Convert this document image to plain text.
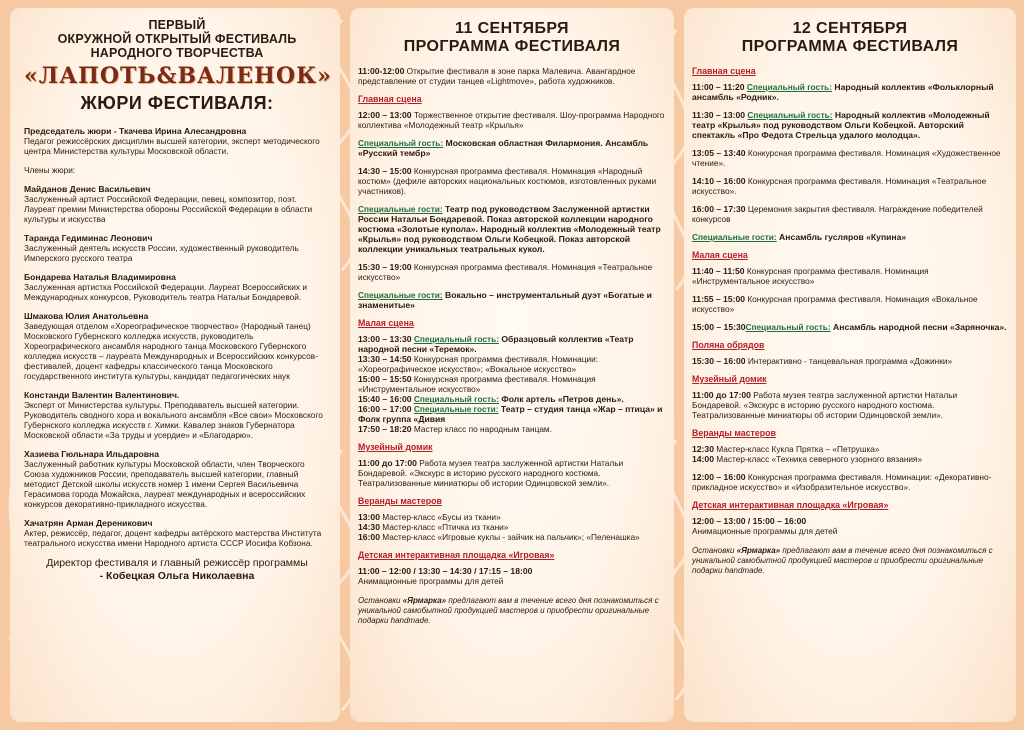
ПЕРВЫЙ
ОКРУЖНОЙ ОТКРЫТЫЙ ФЕСТИВАЛЬ
НАРОДНОГО ТВОРЧЕСТВА
«ЛАПОТЬ&ВАЛЕНОК»
ЖЮРИ ФЕСТИВАЛЯ:
Председатель жюри - Ткачева Ирина Алесандровна
Педагог режиссёрских дисциплин высшей категории, эксперт методического центра Министерства культуры Московской области.
Члены жюри:
Майданов Денис Васильевич
Заслуженный артист Российской Федерации, певец, композитор, поэт. Лауреат премии Министерства обороны Российской Федерации в области культуры и искусства
Таранда Гедиминас Леонович
Заслуженный деятель искусств России, художественный руководитель Имперского русского театра
Бондарева Наталья Владимировна
Заслуженная артистка Российской Федерации. Лауреат Всероссийских и Международных конкурсов, Руководитель театра Натальи Бондаревой.
Шмакова Юлия Анатольевна
Заведующая отделом «Хореографическое творчество» (Народный танец) Московского Губернского колледжа искусств, руководитель Хореографического ансамбля народного танца Московского Губернского колледжа искусств – лауреата Международных и Всероссийских конкурсов-фестивалей, доцент кафедры классического танца Московского государственного института культуры, кандидат педагогических наук
Констанди Валентин Валентинович.
Эксперт от Министерства культуры. Преподаватель высшей категории. Руководитель сводного хора и вокального ансамбля «Все свои» Московского Губернского колледжа искусств г. Химки. Кавалер знаков Губернатора Московской области «За труды и усердие» и «Благодарю».
Хазиева Гюльнара Ильдаровна
Заслуженный работник культуры Московской области, член Творческого Союза художников России, преподаватель высшей категории, главный методист Детской школы искусств номер 1 имени Сергея Васильевича Герасимова города Можайска, лауреат международных и всероссийских конкурсов декоративно-прикладного искусства.
Хачатрян Арман Дереникович
Актер, режиссёр, педагог, доцент кафедры актёрского мастерства Института театрального искусства имени Народного артиста СССР Иосифа Кобзона.
Директор фестиваля и главный режиссёр программы
- Кобецкая Ольга Николаевна
11 СЕНТЯБРЯ
ПРОГРАММА ФЕСТИВАЛЯ
11:00-12:00 Открытие фестиваля в зоне парка Малевича. Авангардное представление от студии танцев «Lightmove», работа художников.
Главная сцена
12:00 – 13:00 Торжественное открытие фестиваля. Шоу-программа Народного коллектива «Молодежный театр «Крылья»
Специальный гость: Московская областная Филармония. Ансамбль «Русский тембр»
14:30 – 15:00 Конкурсная программа фестиваля. Номинация «Народный костюм» (дефиле авторских национальных костюмов, изготовленных руками участников).
Специальные гости: Театр под руководством Заслуженной артистки России Натальи Бондаревой. Показ авторской коллекции народного костюма «Золотые купола». Народный коллектив «Молодежный театр «Крылья» под руководством Ольги Кобецкой. Показ авторской коллекции уникальных театральных кукол.
15:30 – 19:00 Конкурсная программа фестиваля. Номинация «Театральное искусство»
Специальные гости: Вокально – инструментальный дуэт «Богатые и знаменитые»
Малая сцена
13:00 – 13:30 Специальный гость: Образцовый коллектив «Театр народной песни «Теремок».
13:30 – 14:50 Конкурсная программа фестиваля. Номинации: «Хореографическое искусство»; «Вокальное искусство»
15:00 – 15:50 Конкурсная программа фестиваля. Номинация «Инструментальное искусство»
15:40 – 16:00 Специальный гость: Фолк артель «Петров день».
16:00 – 17:00 Специальные гости: Театр – студия танца «Жар – птица» и Фолк группа «Дивия
17:50 – 18:20 Мастер класс по народным танцам.
Музейный домик
11:00 до 17:00 Работа музея театра заслуженной артистки Натальи Бондаревой. «Экскурс в историю русского народного костюма. Театрализованные миниатюры об истории Одинцовской земли».
Веранды мастеров
13:00 Мастер-класс «Бусы из ткани»
14:30 Мастер-класс «Птичка из ткани»
16:00 Мастер-класс «Игровые куклы - зайчик на пальчик»; «Пеленашка»
Детская интерактивная площадка «Игровая»
11:00 – 12:00 / 13:30 – 14:30 / 17:15 – 18:00
Анимационные программы для детей
Остановки «Ярмарка» предлагают вам в течение всего дня познакомиться с уникальной самобытной продукцией мастеров и приобрести оригинальные подарки handmade.
12 СЕНТЯБРЯ
ПРОГРАММА ФЕСТИВАЛЯ
Главная сцена
11:00 – 11:20 Специальный гость: Народный коллектив «Фольклорный ансамбль «Родник».
11:30 – 13:00 Специальный гость: Народный коллектив «Молодежный театр «Крылья» под руководством Ольги Кобецкой. Авторский спектакль «Про Федота Стрельца удалого молодца».
13:05 – 13:40 Конкурсная программа фестиваля. Номинация «Художественное чтение».
14:10 – 16:00 Конкурсная программа фестиваля. Номинация «Театральное искусство».
16:00 – 17:30 Церемония закрытия фестиваля. Награждение победителей конкурсов
Специальные гости: Ансамбль гусляров «Купина»
Малая сцена
11:40 – 11:50 Конкурсная программа фестиваля. Номинация «Инструментальное искусство»
11:55 – 15:00 Конкурсная программа фестиваля. Номинация «Вокальное искусство»
15:00 – 15:30Специальный гость: Ансамбль народной песни «Заряночка».
Поляна обрядов
15:30 – 16:00 Интерактивно - танцевальная программа «Дожинки»
Музейный домик
11:00 до 17:00 Работа музея театра заслуженной артистки Натальи Бондаревой. «Экскурс в историю русского народного костюма. Театрализованные миниатюры об истории Одинцовской земли».
Веранды мастеров
12:30 Мастер-класс Кукла Прятка – «Петрушка»
14:00 Мастер-класс «Техника северного узорного вязания»
12:00 – 16:00 Конкурсная программа фестиваля. Номинации: «Декоративно-прикладное искусство» и «Изобразительное искусство».
Детская интерактивная площадка «Игровая»
12:00 – 13:00 / 15:00 – 16:00
Анимационные программы для детей
Остановки «Ярмарка» предлагают вам в течение всего дня познакомиться с уникальной самобытной продукцией мастеров и приобрести оригинальные подарки handmade.
